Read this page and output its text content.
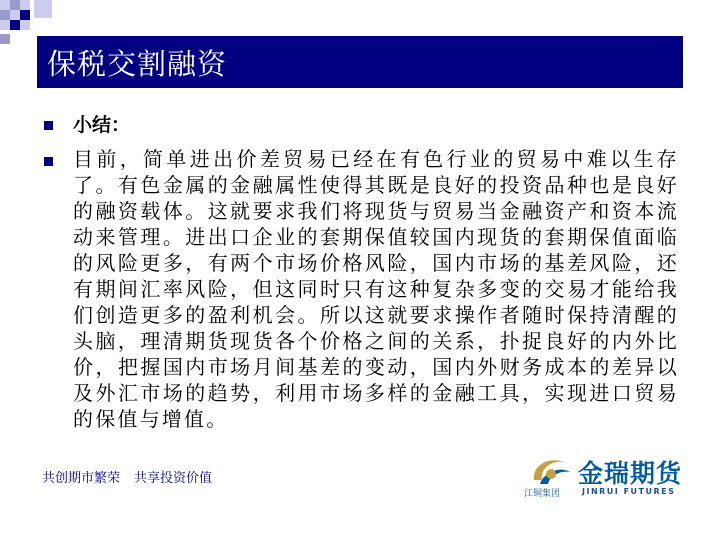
保税交割融资
小结：
目前，简单进出价差贸易已经在有色行业的贸易中难以生存了。有色金属的金融属性使得其既是良好的投资品种也是良好的融资载体。这就要求我们将现货与贸易当金融资产和资本流动来管理。进出口企业的套期保值较国内现货的套期保值面临的风险更多，有两个市场价格风险，国内市场的基差风险，还有期间汇率风险，但这同时只有这种复杂多变的交易才能给我们创造更多的盈利机会。所以这就要求操作者随时保持清醒的头脑，理清期货现货各个价格之间的关系，扑捉良好的内外比价，把握国内市场月间基差的变动，国内外财务成本的差异以及外汇市场的趋势，利用市场多样的金融工具，实现进口贸易的保值与增值。
共创期市繁荣 共享投资价值	金瑞期货
江铜集团	JINRUI FUTURES
